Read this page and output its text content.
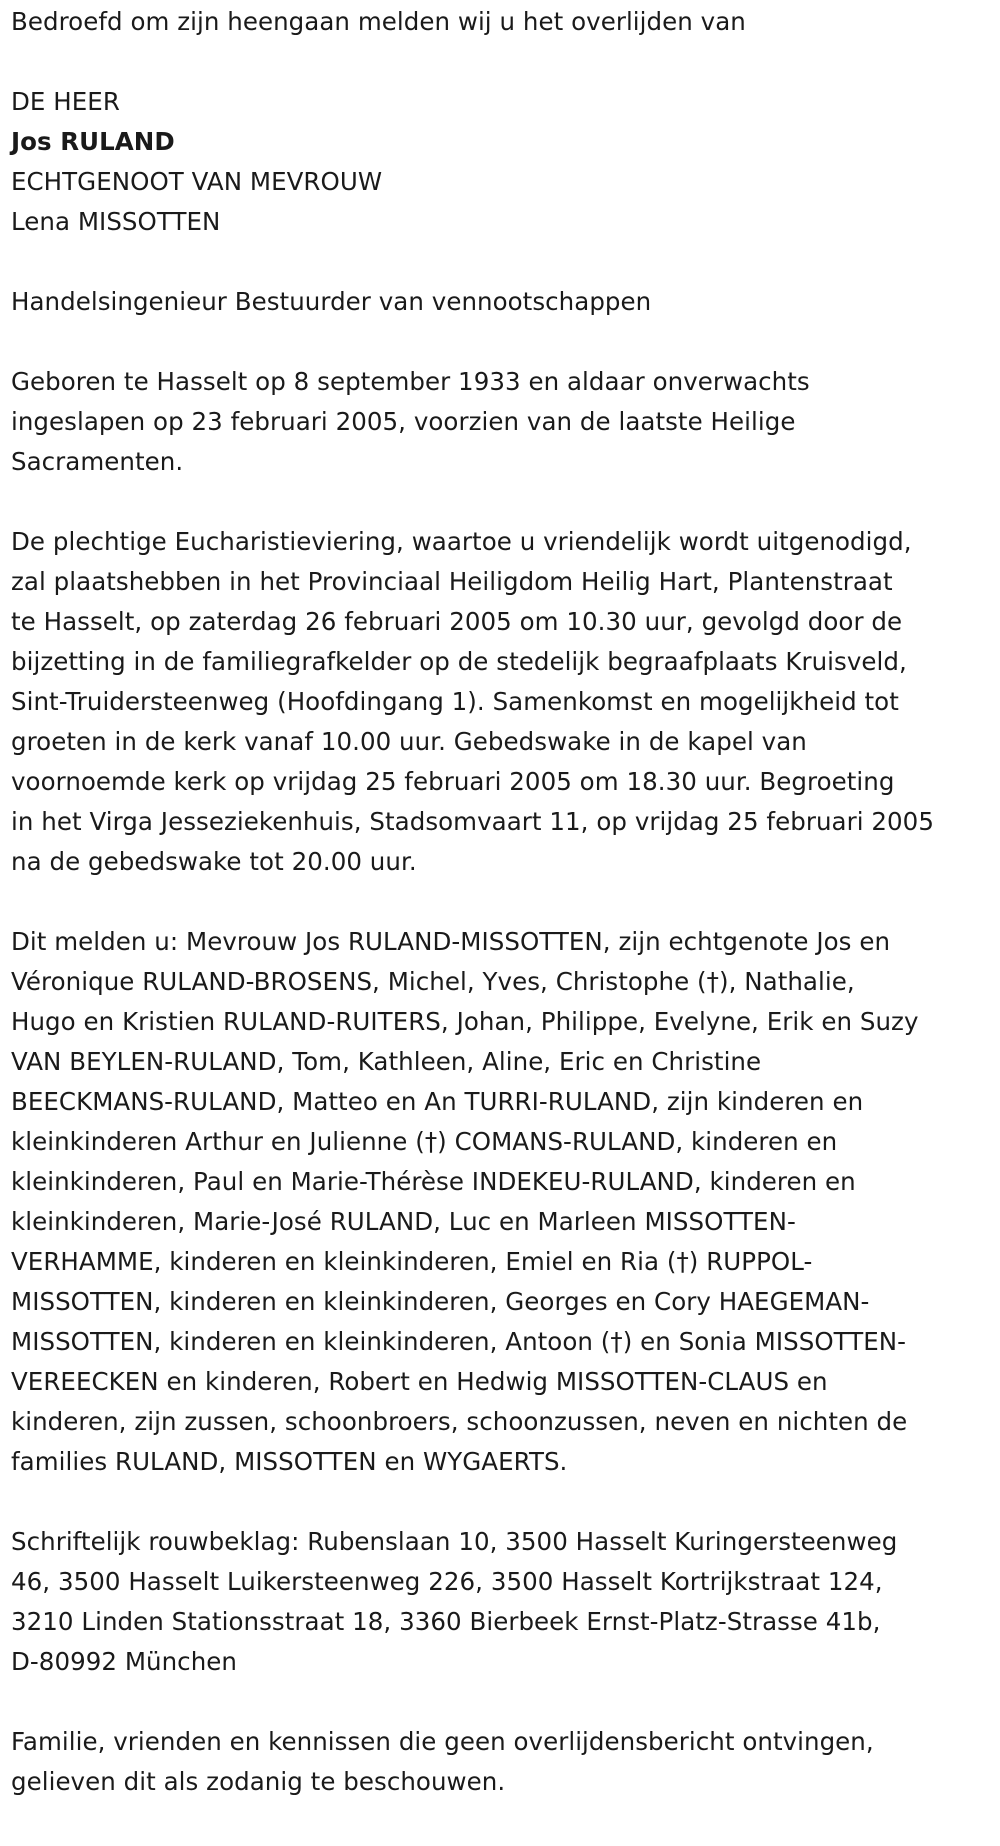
Bedroefd om zijn heengaan melden wij u het overlijden van

DE HEER

Jos RULAND

ECHTGENOOT VAN MEVROUW

Lena MISSOTTEN

Handelsingenieur Bestuurder van vennootschappen

Geboren te Hasselt op 8 september 1933 en aldaar onverwachts

ingeslapen op 23 februari 2005, voorzien van de laatste Heilige

Sacramenten.

De plechtige Eucharistieviering, waartoe u vriendelijk wordt uitgenodigd,

zal plaatshebben in het Provinciaal Heiligdom Heilig Hart, Plantenstraat

te Hasselt, op zaterdag 26 februari 2005 om 10.30 uur, gevolgd door de

bijzetting in de familiegrafkelder op de stedelijk begraafplaats Kruisveld,

Sint-Truidersteenweg (Hoofdingang 1). Samenkomst en mogelijkheid tot

groeten in de kerk vanaf 10.00 uur. Gebedswake in de kapel van

voornoemde kerk op vrijdag 25 februari 2005 om 18.30 uur. Begroeting

in het Virga Jesseziekenhuis, Stadsomvaart 11, op vrijdag 25 februari 2005

na de gebedswake tot 20.00 uur.

Dit melden u: Mevrouw Jos RULAND-MISSOTTEN, zijn echtgenote Jos en

Véronique RULAND-BROSENS, Michel, Yves, Christophe (†), Nathalie,

Hugo en Kristien RULAND-RUITERS, Johan, Philippe, Evelyne, Erik en Suzy

VAN BEYLEN-RULAND, Tom, Kathleen, Aline, Eric en Christine

BEECKMANS-RULAND, Matteo en An TURRI-RULAND, zijn kinderen en

kleinkinderen Arthur en Julienne (†) COMANS-RULAND, kinderen en

kleinkinderen, Paul en Marie-Thérèse INDEKEU-RULAND, kinderen en

kleinkinderen, Marie-José RULAND, Luc en Marleen MISSOTTEN-

VERHAMME, kinderen en kleinkinderen, Emiel en Ria (†) RUPPOL-

MISSOTTEN, kinderen en kleinkinderen, Georges en Cory HAEGEMAN-

MISSOTTEN, kinderen en kleinkinderen, Antoon (†) en Sonia MISSOTTEN-

VEREECKEN en kinderen, Robert en Hedwig MISSOTTEN-CLAUS en

kinderen, zijn zussen, schoonbroers, schoonzussen, neven en nichten de

families RULAND, MISSOTTEN en WYGAERTS.

Schriftelijk rouwbeklag: Rubenslaan 10, 3500 Hasselt Kuringersteenweg

46, 3500 Hasselt Luikersteenweg 226, 3500 Hasselt Kortrijkstraat 124,

3210 Linden Stationsstraat 18, 3360 Bierbeek Ernst-Platz-Strasse 41b,

D-80992 München

Familie, vrienden en kennissen die geen overlijdensbericht ontvingen,

gelieven dit als zodanig te beschouwen.
